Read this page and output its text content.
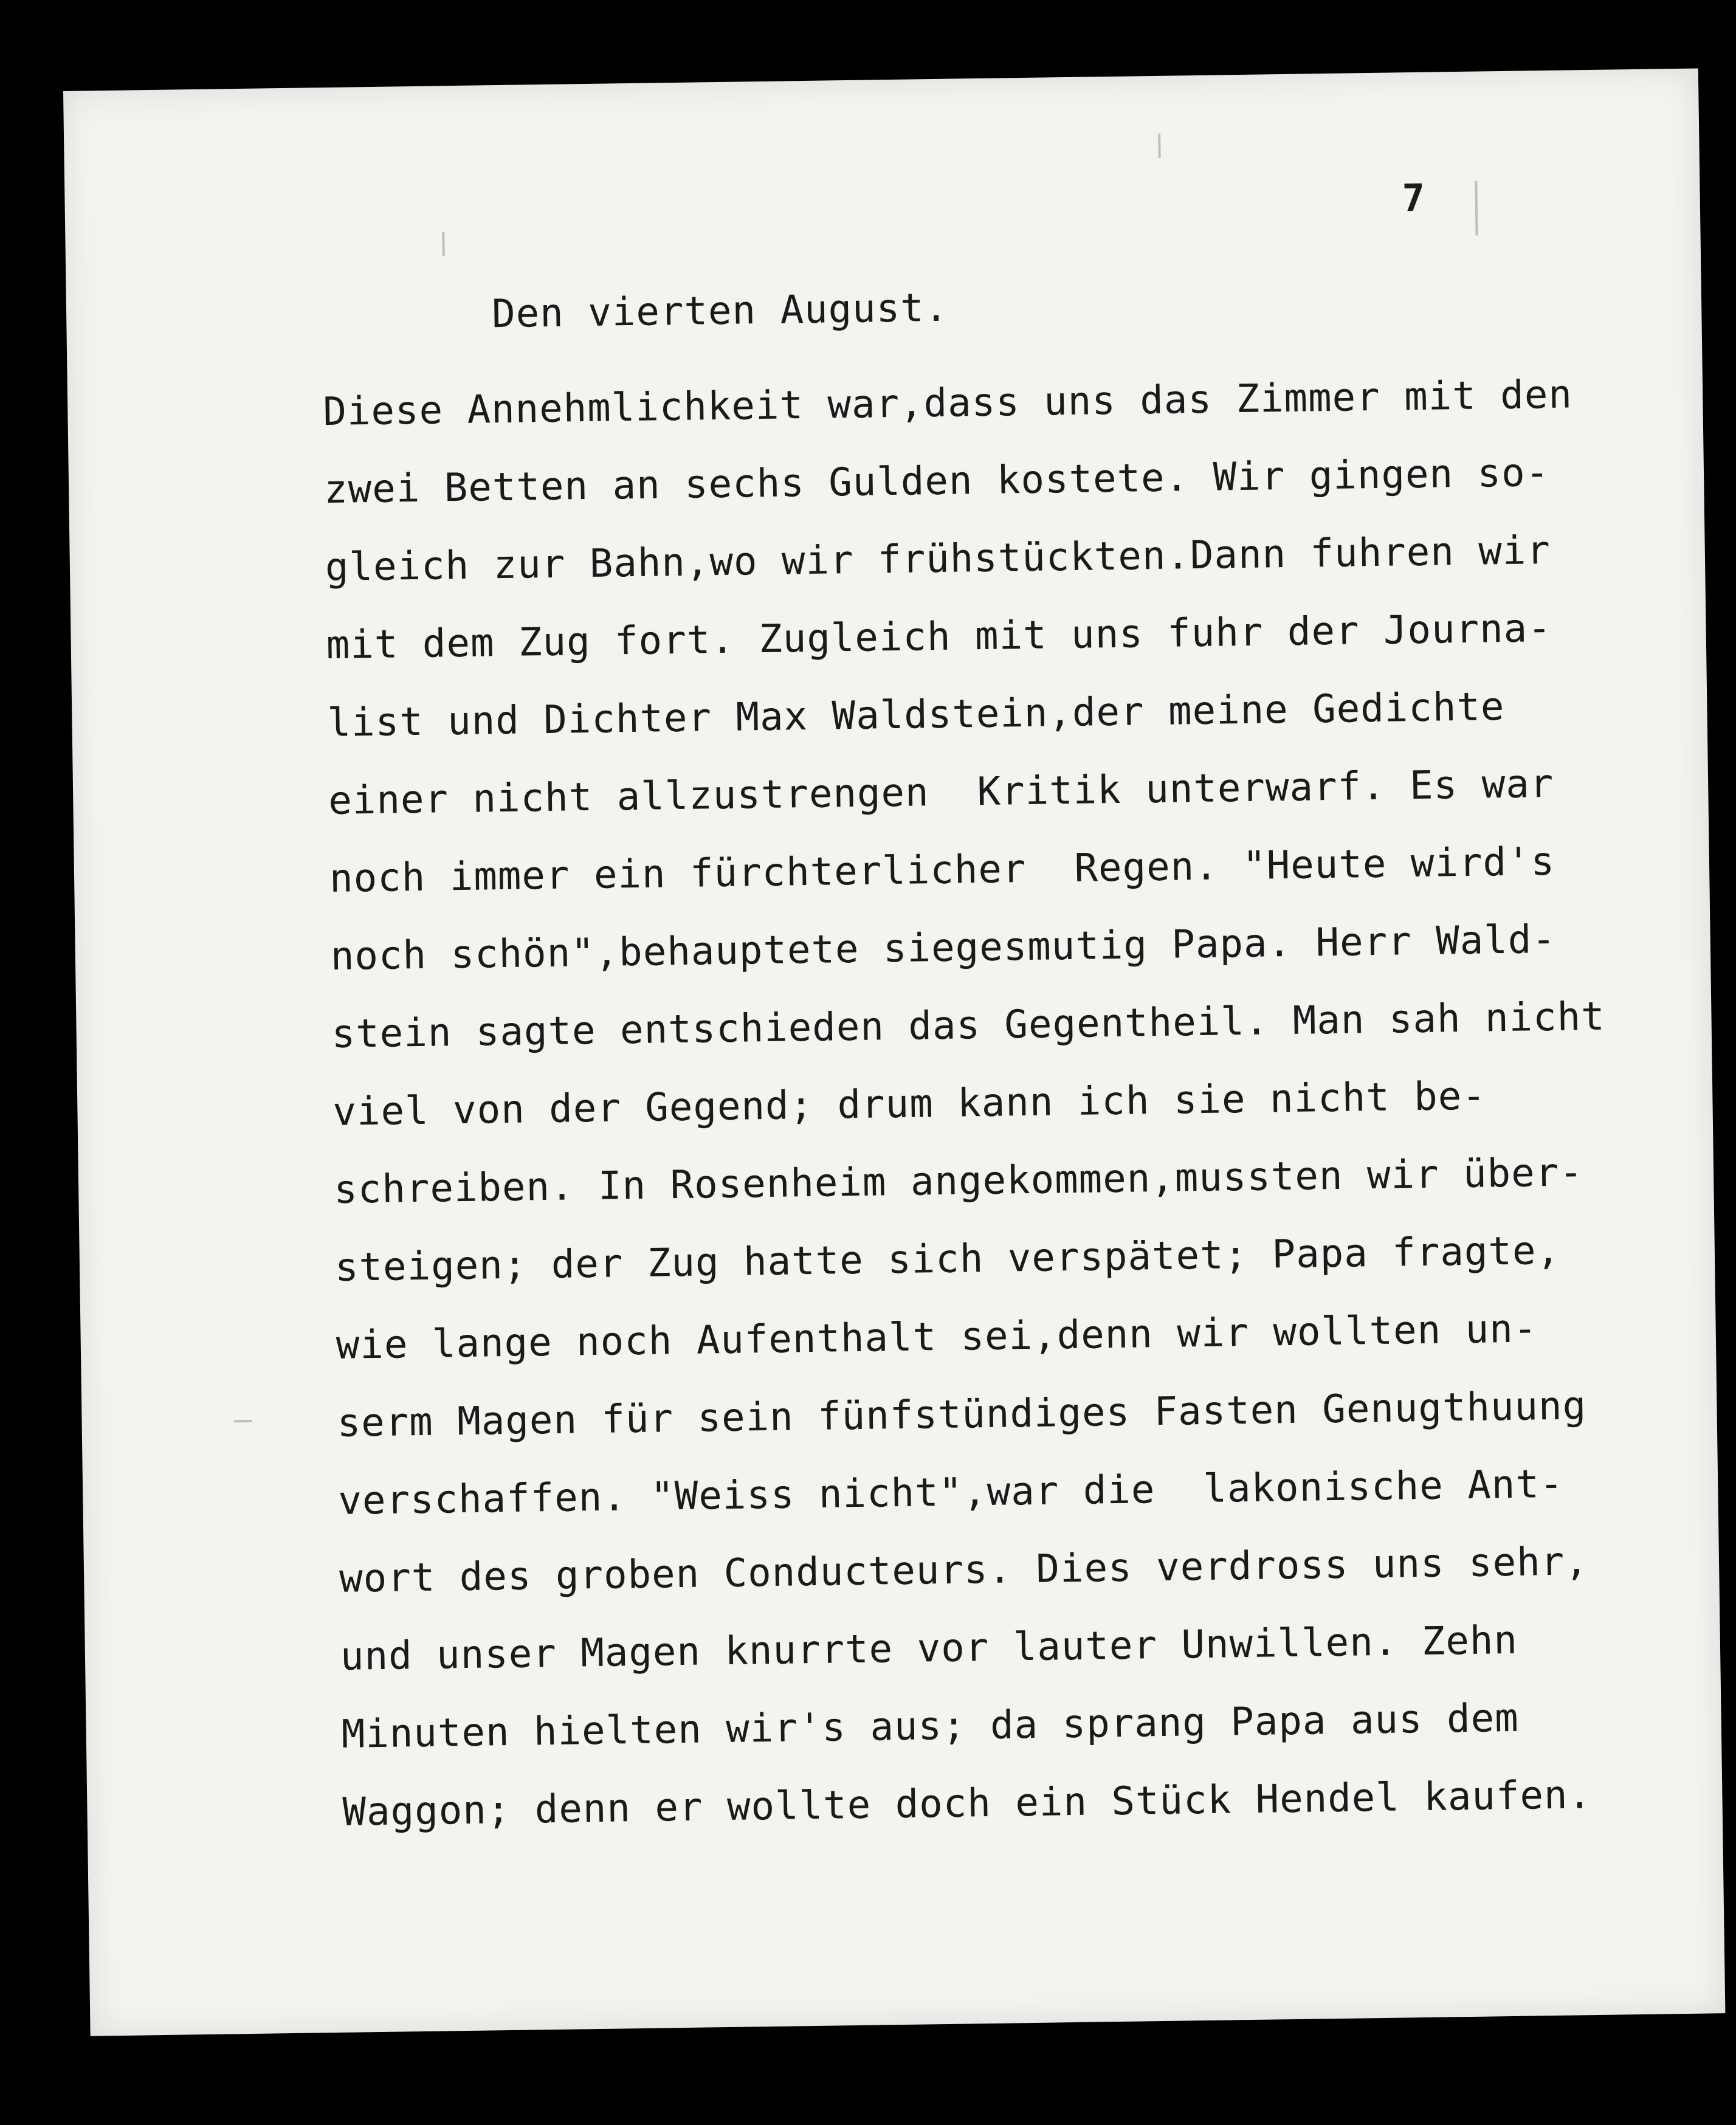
7

Den vierten August.

Diese Annehmlichkeit war,dass uns das Zimmer mit den
zwei Betten an sechs Gulden kostete. Wir gingen so-
gleich zur Bahn,wo wir frühstückten.Dann fuhren wir
mit dem Zug fort. Zugleich mit uns fuhr der Journa-
list und Dichter Max Waldstein,der meine Gedichte
einer nicht allzustrengen  Kritik unterwarf. Es war
noch immer ein fürchterlicher  Regen. "Heute wird's
noch schön",behauptete siegesmutig Papa. Herr Wald-
stein sagte entschieden das Gegentheil. Man sah nicht
viel von der Gegend; drum kann ich sie nicht be-
schreiben. In Rosenheim angekommen,mussten wir über-
steigen; der Zug hatte sich verspätet; Papa fragte,
wie lange noch Aufenthalt sei,denn wir wollten un-
serm Magen für sein fünfstündiges Fasten Genugthuung
verschaffen. "Weiss nicht",war die  lakonische Ant-
wort des groben Conducteurs. Dies verdross uns sehr,
und unser Magen knurrte vor lauter Unwillen. Zehn
Minuten hielten wir's aus; da sprang Papa aus dem
Waggon; denn er wollte doch ein Stück Hendel kaufen.
